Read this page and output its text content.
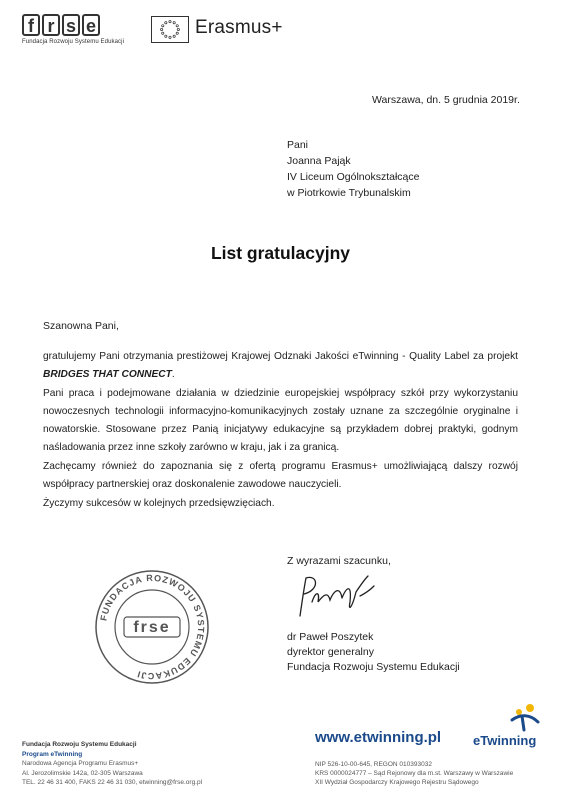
f r s e
Fundacja Rozwoju Systemu Edukacji
Erasmus+
Warszawa, dn. 5 grudnia 2019r.
Pani
Joanna Pająk
IV Liceum Ogólnokształcące
w Piotrkowie Trybunalskim
List gratulacyjny
Szanowna Pani,

gratulujemy Pani otrzymania prestiżowej Krajowej Odznaki Jakości eTwinning - Quality Label za projekt BRIDGES THAT CONNECT.

Pani praca i podejmowane działania w dziedzinie europejskiej współpracy szkół przy wykorzystaniu nowoczesnych technologii informacyjno-komunikacyjnych zostały uznane za szczególnie oryginalne i nowatorskie. Stosowane przez Panią inicjatywy edukacyjne są przykładem dobrej praktyki, godnym naśladowania przez inne szkoły zarówno w kraju, jak i za granicą.

Zachęcamy również do zapoznania się z ofertą programu Erasmus+ umożliwiającą dalszy rozwój współpracy partnerskiej oraz doskonalenie zawodowe nauczycieli.

Życzymy sukcesów w kolejnych przedsięwzięciach.

Z wyrazami szacunku,
dr Paweł Poszytek
dyrektor generalny
Fundacja Rozwoju Systemu Edukacji
FUNDACJA ROZWOJU SYSTEMU EDUKACJI
frse
Fundacja Rozwoju Systemu Edukacji
Program eTwinning
Narodowa Agencja Programu Erasmus+
Al. Jerozolimskie 142a, 02-305 Warszawa
TEL. 22 46 31 400, FAKS 22 46 31 030, etwinning@frse.org.pl
www.etwinning.pl eTwinning
NIP 526-10-00-645, REGON 010393032
KRS 0000024777 – Sąd Rejonowy dla m.st. Warszawy w Warszawie
XII Wydział Gospodarczy Krajowego Rejestru Sądowego
